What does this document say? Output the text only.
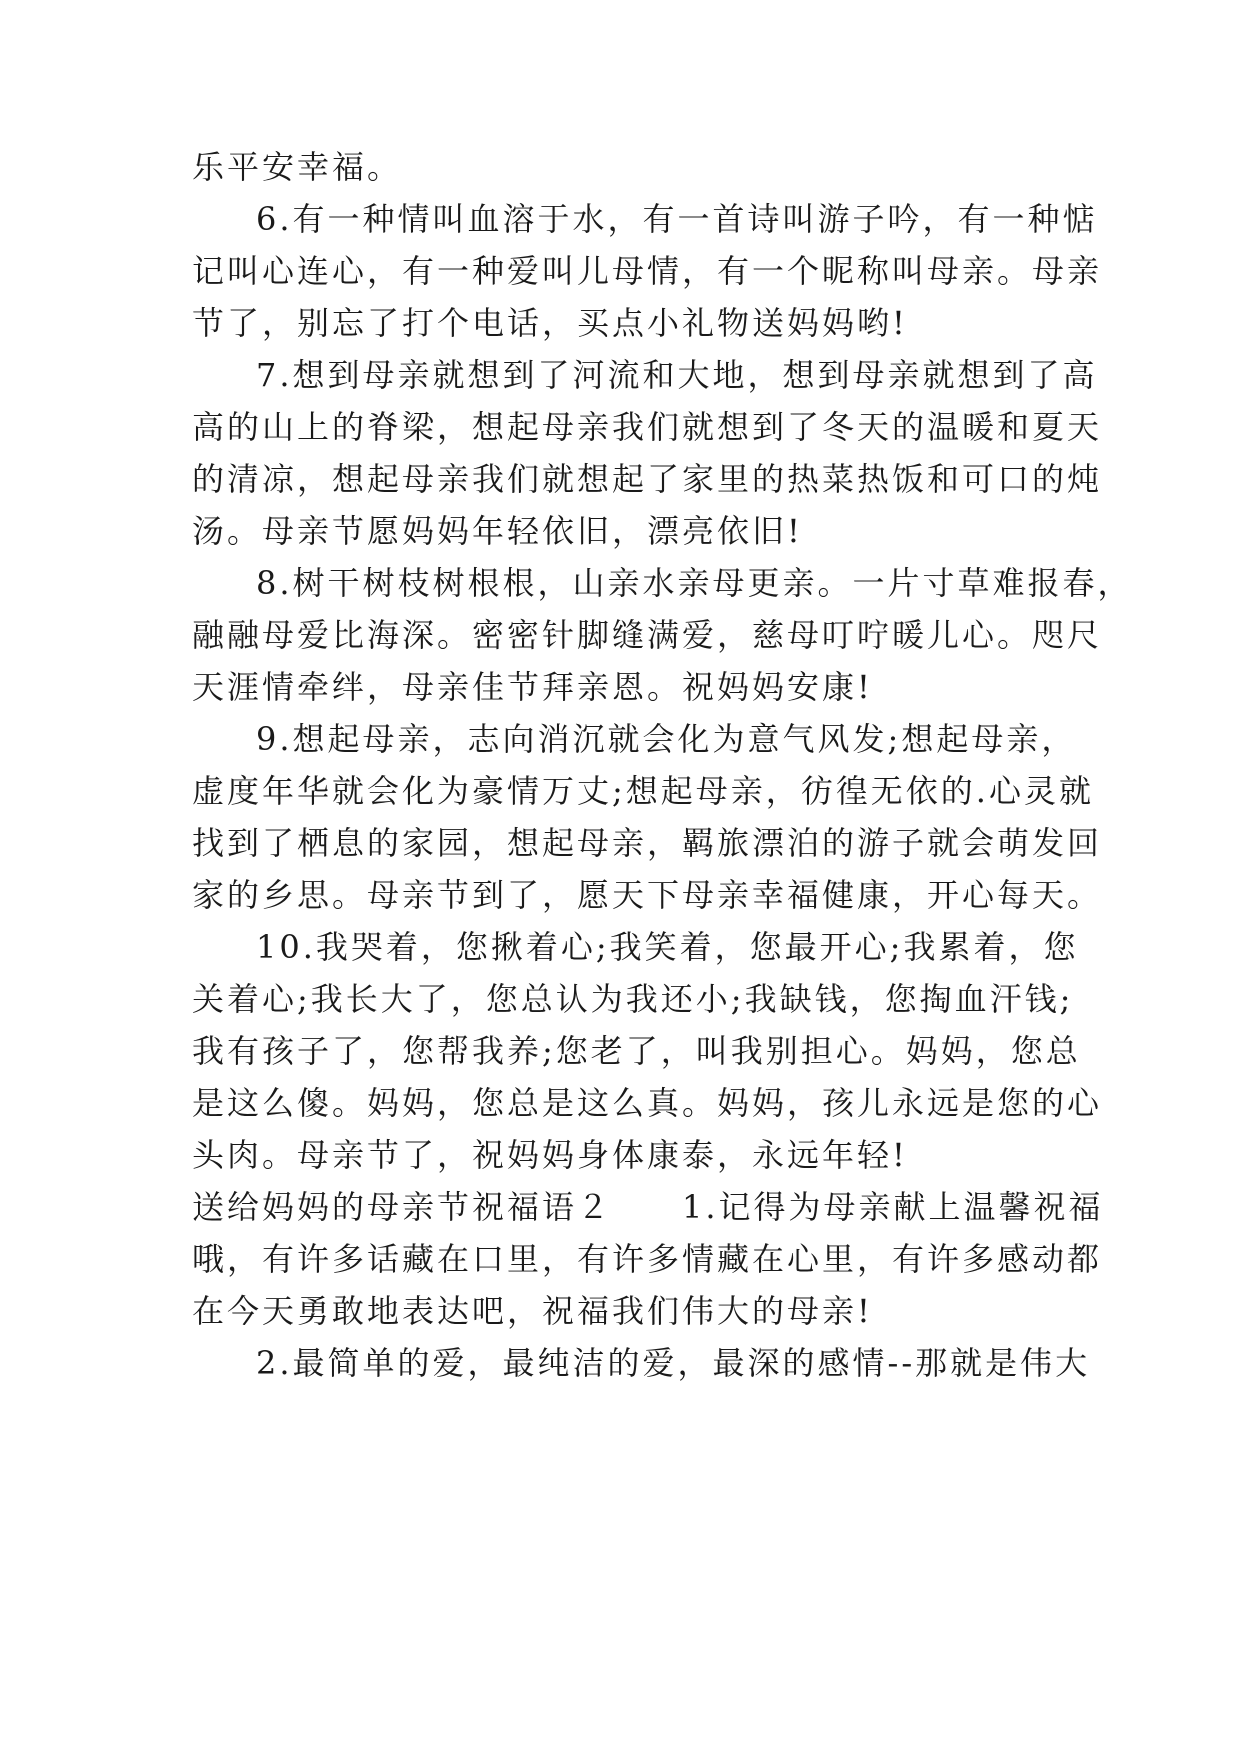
乐平安幸福。
6.有一种情叫血溶于水，有一首诗叫游子吟，有一种惦
记叫心连心，有一种爱叫儿母情，有一个昵称叫母亲。母亲
节了，别忘了打个电话，买点小礼物送妈妈哟!
7.想到母亲就想到了河流和大地，想到母亲就想到了高
高的山上的脊梁，想起母亲我们就想到了冬天的温暖和夏天
的清凉，想起母亲我们就想起了家里的热菜热饭和可口的炖
汤。母亲节愿妈妈年轻依旧，漂亮依旧!
8.树干树枝树根根，山亲水亲母更亲。一片寸草难报春，
融融母爱比海深。密密针脚缝满爱，慈母叮咛暖儿心。咫尺
天涯情牵绊，母亲佳节拜亲恩。祝妈妈安康!
9.想起母亲，志向消沉就会化为意气风发;想起母亲，
虚度年华就会化为豪情万丈;想起母亲，彷徨无依的.心灵就
找到了栖息的家园，想起母亲，羁旅漂泊的游子就会萌发回
家的乡思。母亲节到了，愿天下母亲幸福健康，开心每天。
10.我哭着，您揪着心;我笑着，您最开心;我累着，您
关着心;我长大了，您总认为我还小;我缺钱，您掏血汗钱;
我有孩子了，您帮我养;您老了，叫我别担心。妈妈，您总
是这么傻。妈妈，您总是这么真。妈妈，孩儿永远是您的心
头肉。母亲节了，祝妈妈身体康泰，永远年轻!
送给妈妈的母亲节祝福语２　　1.记得为母亲献上温馨祝福
哦，有许多话藏在口里，有许多情藏在心里，有许多感动都
在今天勇敢地表达吧，祝福我们伟大的母亲!
2.最简单的爱，最纯洁的爱，最深的感情--那就是伟大
